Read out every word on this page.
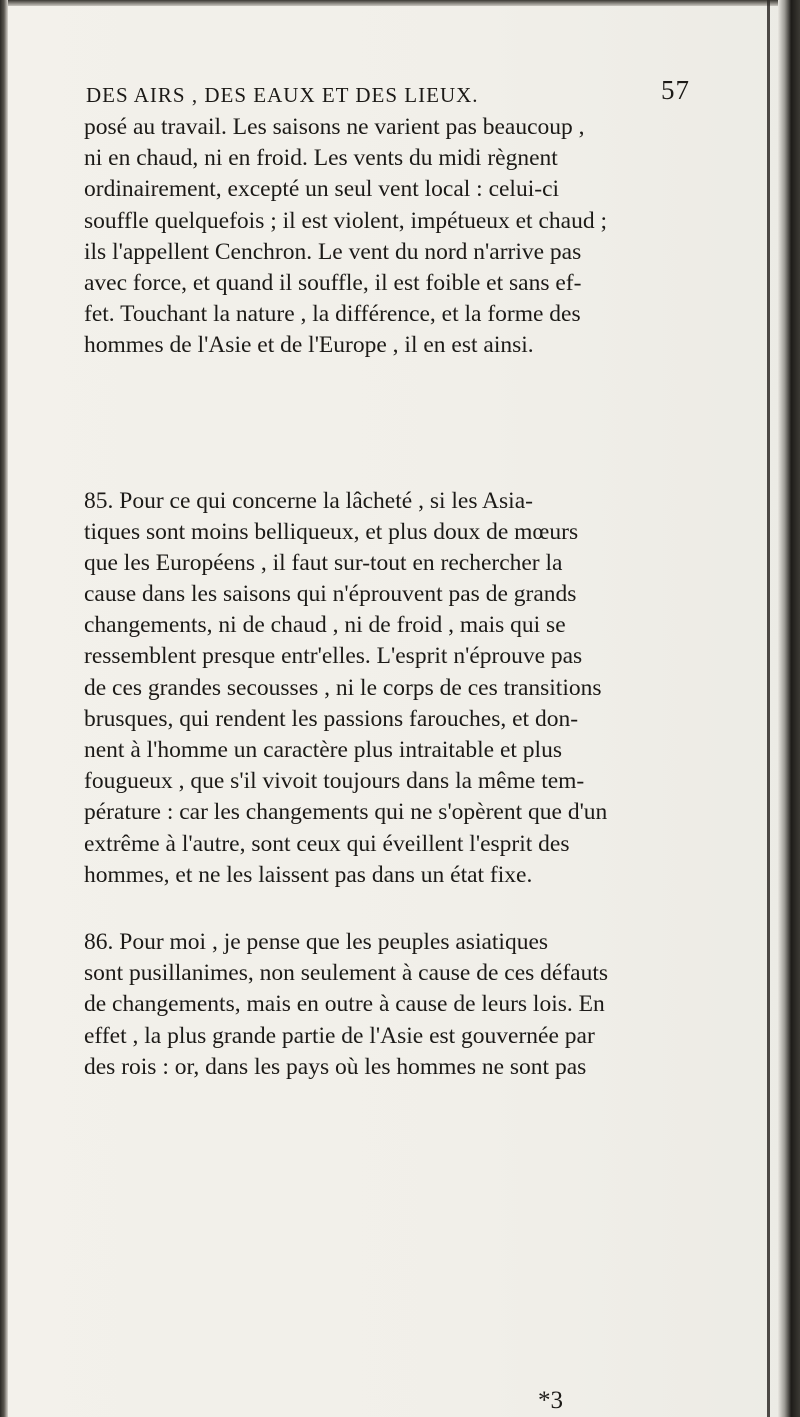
DES AIRS , DES EAUX ET DES LIEUX.	57
posé au travail. Les saisons ne varient pas beaucoup ,
ni en chaud, ni en froid. Les vents du midi règnent
ordinairement, excepté un seul vent local : celui-ci
souffle quelquefois ; il est violent, impétueux et chaud ;
ils l'appellent Cenchron. Le vent du nord n'arrive pas
avec force, et quand il souffle, il est foible et sans ef-
fet. Touchant la nature , la différence, et la forme des
hommes de l'Asie et de l'Europe , il en est ainsi.
85. Pour ce qui concerne la lâcheté , si les Asia-
tiques sont moins belliqueux, et plus doux de mœurs
que les Européens , il faut sur-tout en rechercher la
cause dans les saisons qui n'éprouvent pas de grands
changements, ni de chaud , ni de froid , mais qui se
ressemblent presque entr'elles. L'esprit n'éprouve pas
de ces grandes secousses , ni le corps de ces transitions
brusques, qui rendent les passions farouches, et don-
nent à l'homme un caractère plus intraitable et plus
fougueux , que s'il vivoit toujours dans la même tem-
pérature : car les changements qui ne s'opèrent que d'un
extrême à l'autre, sont ceux qui éveillent l'esprit des
hommes, et ne les laissent pas dans un état fixe.
86. Pour moi , je pense que les peuples asiatiques
sont pusillanimes, non seulement à cause de ces défauts
de changements, mais en outre à cause de leurs lois. En
effet , la plus grande partie de l'Asie est gouvernée par
des rois : or, dans les pays où les hommes ne sont pas
*3
